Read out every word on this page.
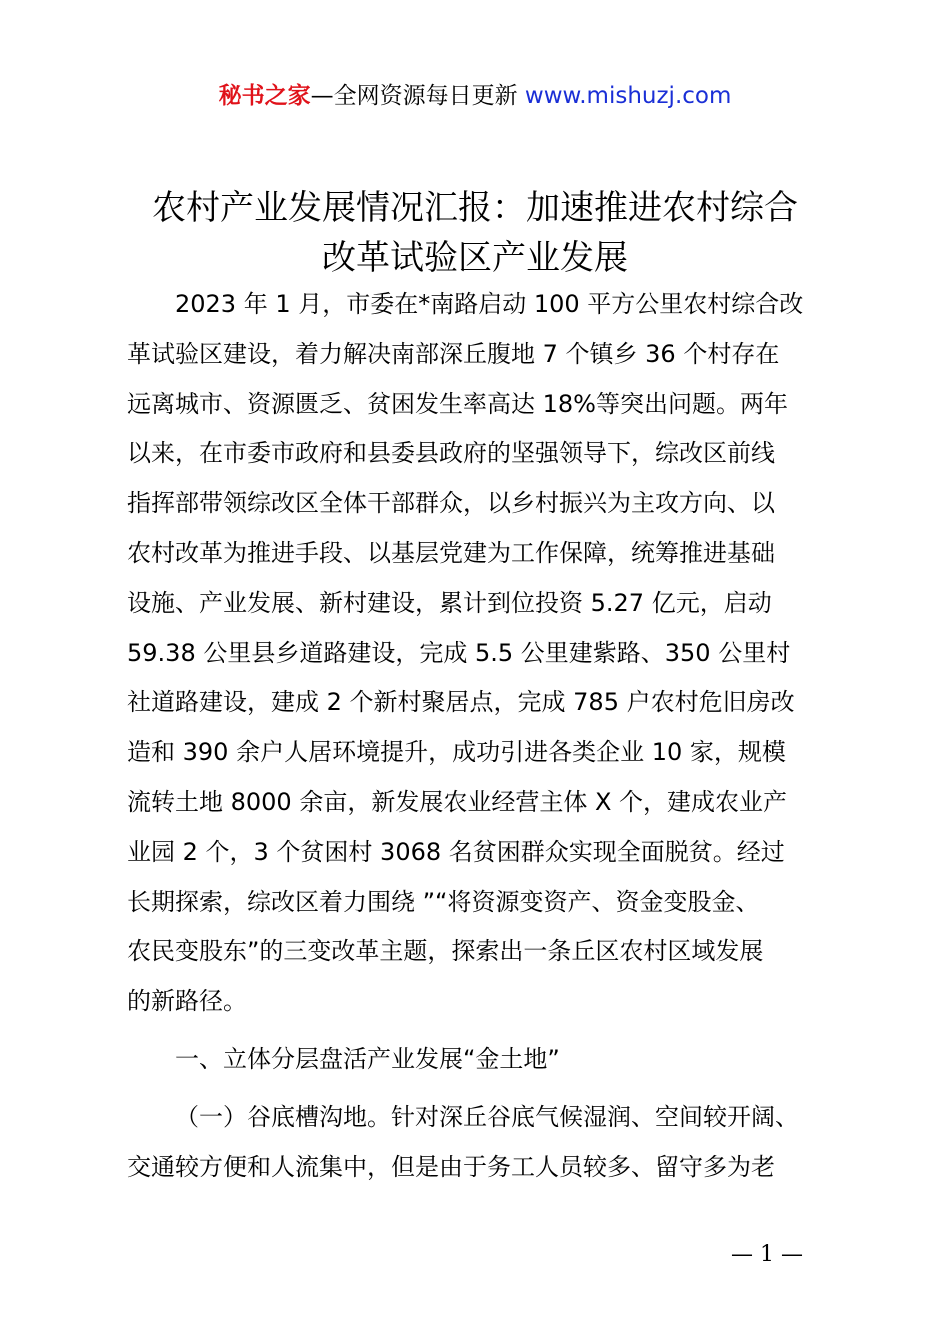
秘书之家—全网资源每日更新 www.mishuzj.com
农村产业发展情况汇报：加速推进农村综合
改革试验区产业发展
2023 年 1 月，市委在*南路启动 100 平方公里农村综合改
革试验区建设，着力解决南部深丘腹地 7 个镇乡 36 个村存在
远离城市、资源匮乏、贫困发生率高达 18%等突出问题。两年
以来，在市委市政府和县委县政府的坚强领导下，综改区前线
指挥部带领综改区全体干部群众，以乡村振兴为主攻方向、以
农村改革为推进手段、以基层党建为工作保障，统筹推进基础
设施、产业发展、新村建设，累计到位投资 5.27 亿元，启动
59.38 公里县乡道路建设，完成 5.5 公里建紫路、350 公里村
社道路建设，建成 2 个新村聚居点，完成 785 户农村危旧房改
造和 390 余户人居环境提升，成功引进各类企业 10 家，规模
流转土地 8000 余亩，新发展农业经营主体 X 个，建成农业产
业园 2 个，3 个贫困村 3068 名贫困群众实现全面脱贫。经过
长期探索，综改区着力围绕 ”“将资源变资产、资金变股金、
农民变股东”的三变改革主题，探索出一条丘区农村区域发展
的新路径。
一、立体分层盘活产业发展“金土地”
（一）谷底槽沟地。针对深丘谷底气候湿润、空间较开阔、
交通较方便和人流集中，但是由于务工人员较多、留守多为老
— 1 —
